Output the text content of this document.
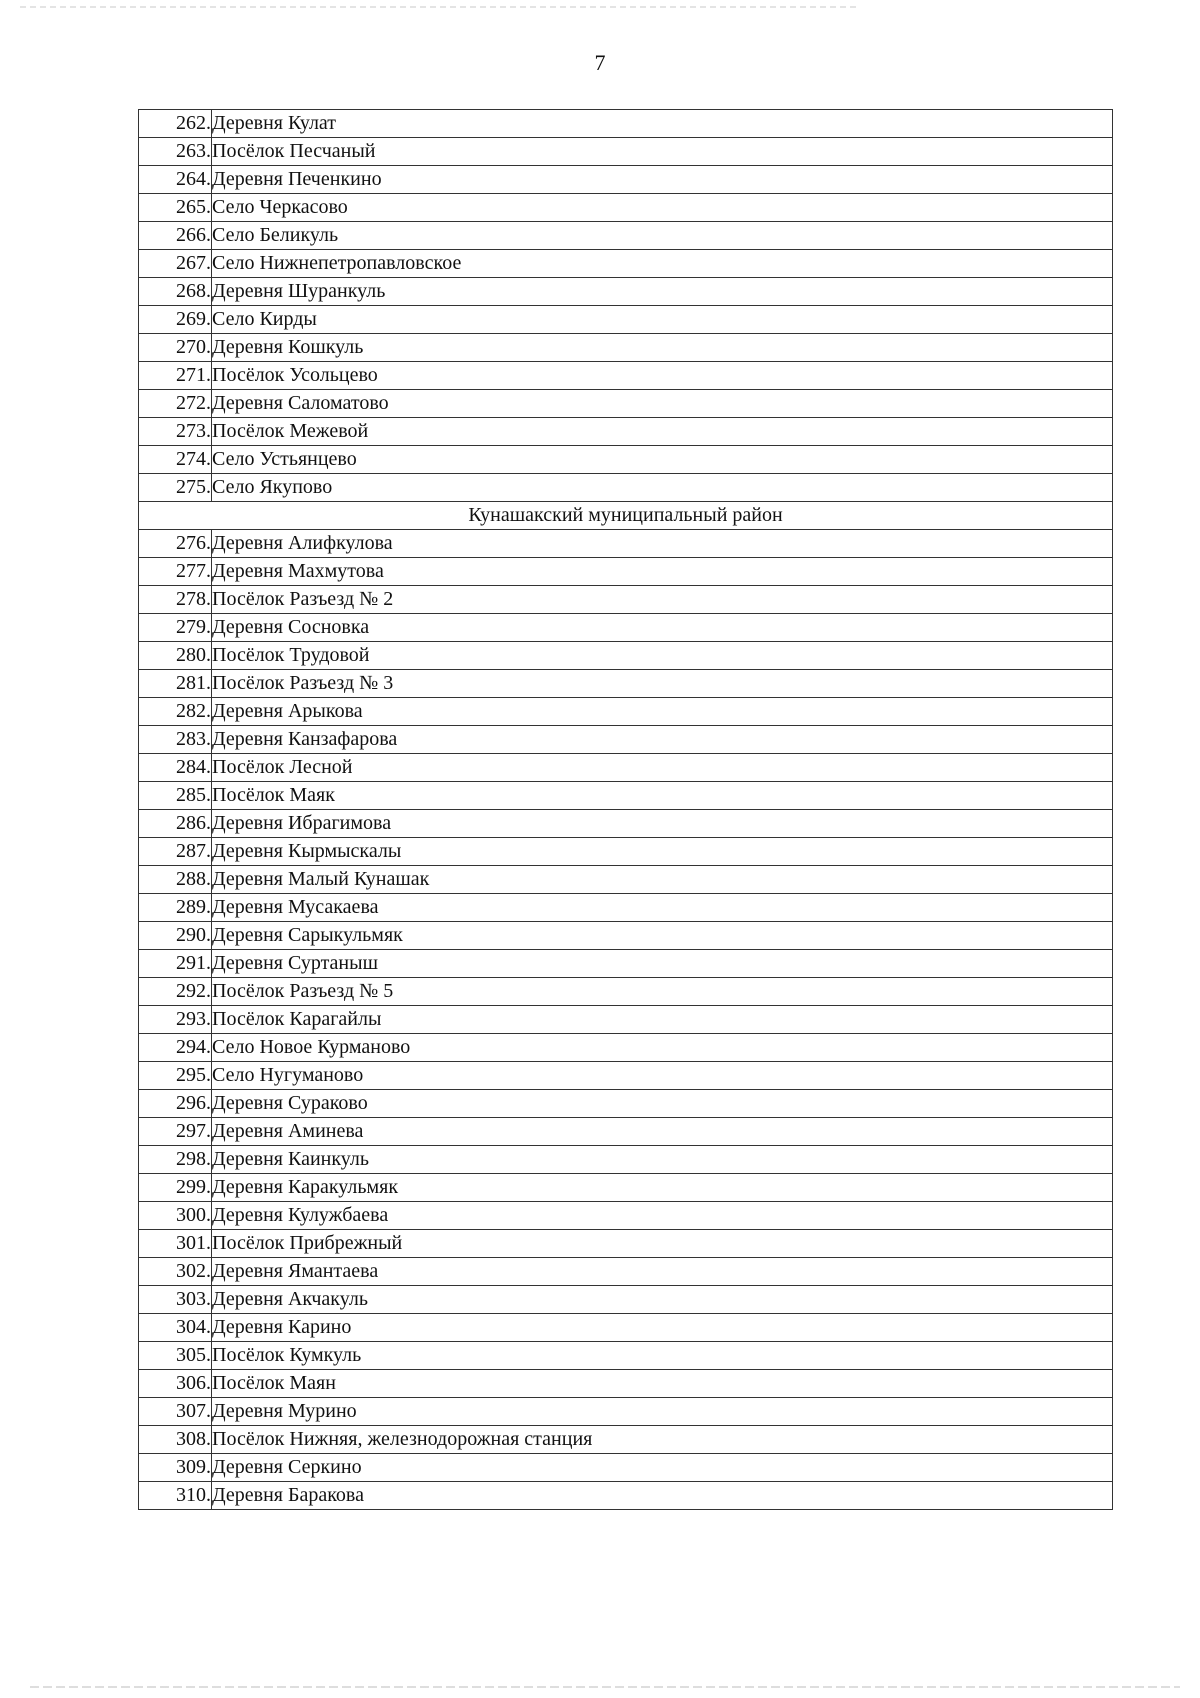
7
262.	Деревня Кулат
263.	Посёлок Песчаный
264.	Деревня Печенкино
265.	Село Черкасово
266.	Село Беликуль
267.	Село Нижнепетропавловское
268.	Деревня Шуранкуль
269.	Село Кирды
270.	Деревня Кошкуль
271.	Посёлок Усольцево
272.	Деревня Саломатово
273.	Посёлок Межевой
274.	Село Устьянцево
275.	Село Якупово
Кунашакский муниципальный район	
276.	Деревня Алифкулова
277.	Деревня Махмутова
278.	Посёлок Разъезд № 2
279.	Деревня Сосновка
280.	Посёлок Трудовой
281.	Посёлок Разъезд № 3
282.	Деревня Арыкова
283.	Деревня Канзафарова
284.	Посёлок Лесной
285.	Посёлок Маяк
286.	Деревня Ибрагимова
287.	Деревня Кырмыскалы
288.	Деревня Малый Кунашак
289.	Деревня Мусакаева
290.	Деревня Сарыкульмяк
291.	Деревня Суртаныш
292.	Посёлок Разъезд № 5
293.	Посёлок Карагайлы
294.	Село Новое Курманово
295.	Село Нугуманово
296.	Деревня Сураково
297.	Деревня Аминева
298.	Деревня Каинкуль
299.	Деревня Каракульмяк
300.	Деревня Кулужбаева
301.	Посёлок Прибрежный
302.	Деревня Ямантаева
303.	Деревня Акчакуль
304.	Деревня Карино
305.	Посёлок Кумкуль
306.	Посёлок Маян
307.	Деревня Мурино
308.	Посёлок Нижняя, железнодорожная станция
309.	Деревня Серкино
310.	Деревня Баракова
